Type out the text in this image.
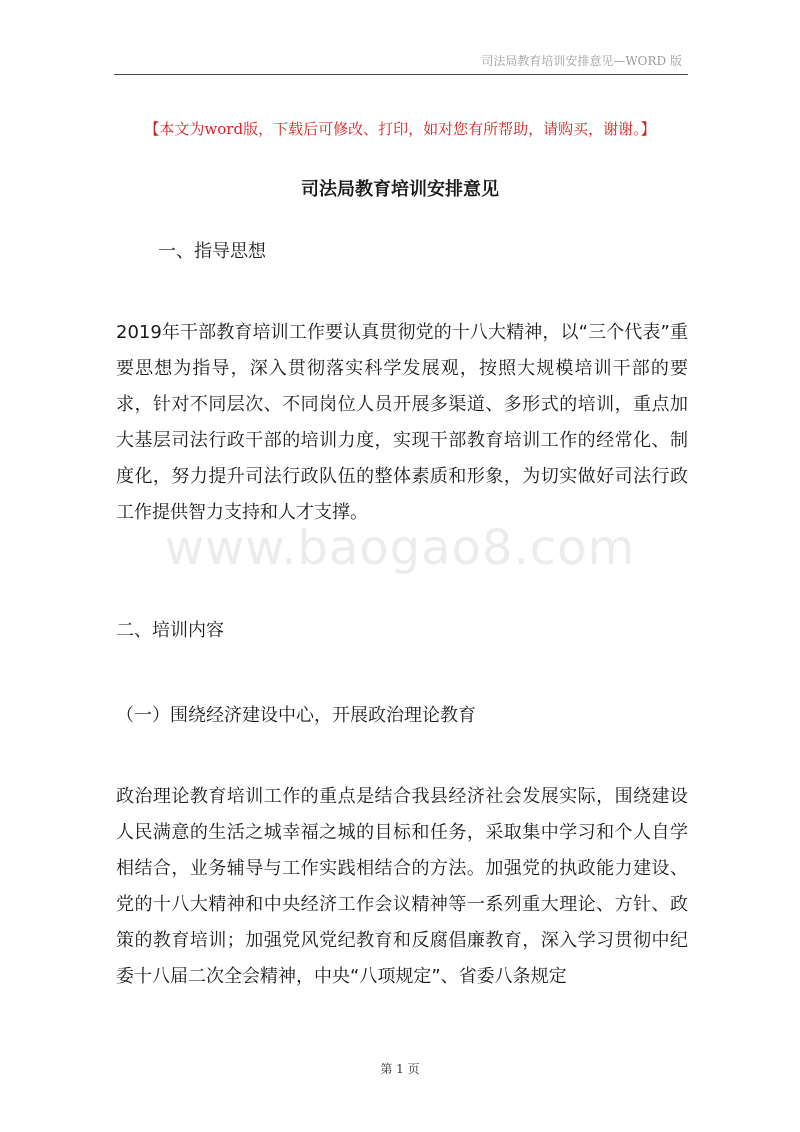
司法局教育培训安排意见—WORD 版
【本文为word版，下载后可修改、打印，如对您有所帮助，请购买，谢谢。】
司法局教育培训安排意见
一、指导思想
2019年干部教育培训工作要认真贯彻党的十八大精神，以“三个代表”重要思想为指导，深入贯彻落实科学发展观，按照大规模培训干部的要求，针对不同层次、不同岗位人员开展多渠道、多形式的培训，重点加大基层司法行政干部的培训力度，实现干部教育培训工作的经常化、制度化，努力提升司法行政队伍的整体素质和形象，为切实做好司法行政工作提供智力支持和人才支撑。
www.baogao8.com
二、培训内容
（一）围绕经济建设中心，开展政治理论教育
政治理论教育培训工作的重点是结合我县经济社会发展实际，围绕建设人民满意的生活之城幸福之城的目标和任务，采取集中学习和个人自学相结合，业务辅导与工作实践相结合的方法。加强党的执政能力建设、党的十八大精神和中央经济工作会议精神等一系列重大理论、方针、政策的教育培训；加强党风党纪教育和反腐倡廉教育，深入学习贯彻中纪委十八届二次全会精神，中央“八项规定”、省委八条规定
第 1 页
